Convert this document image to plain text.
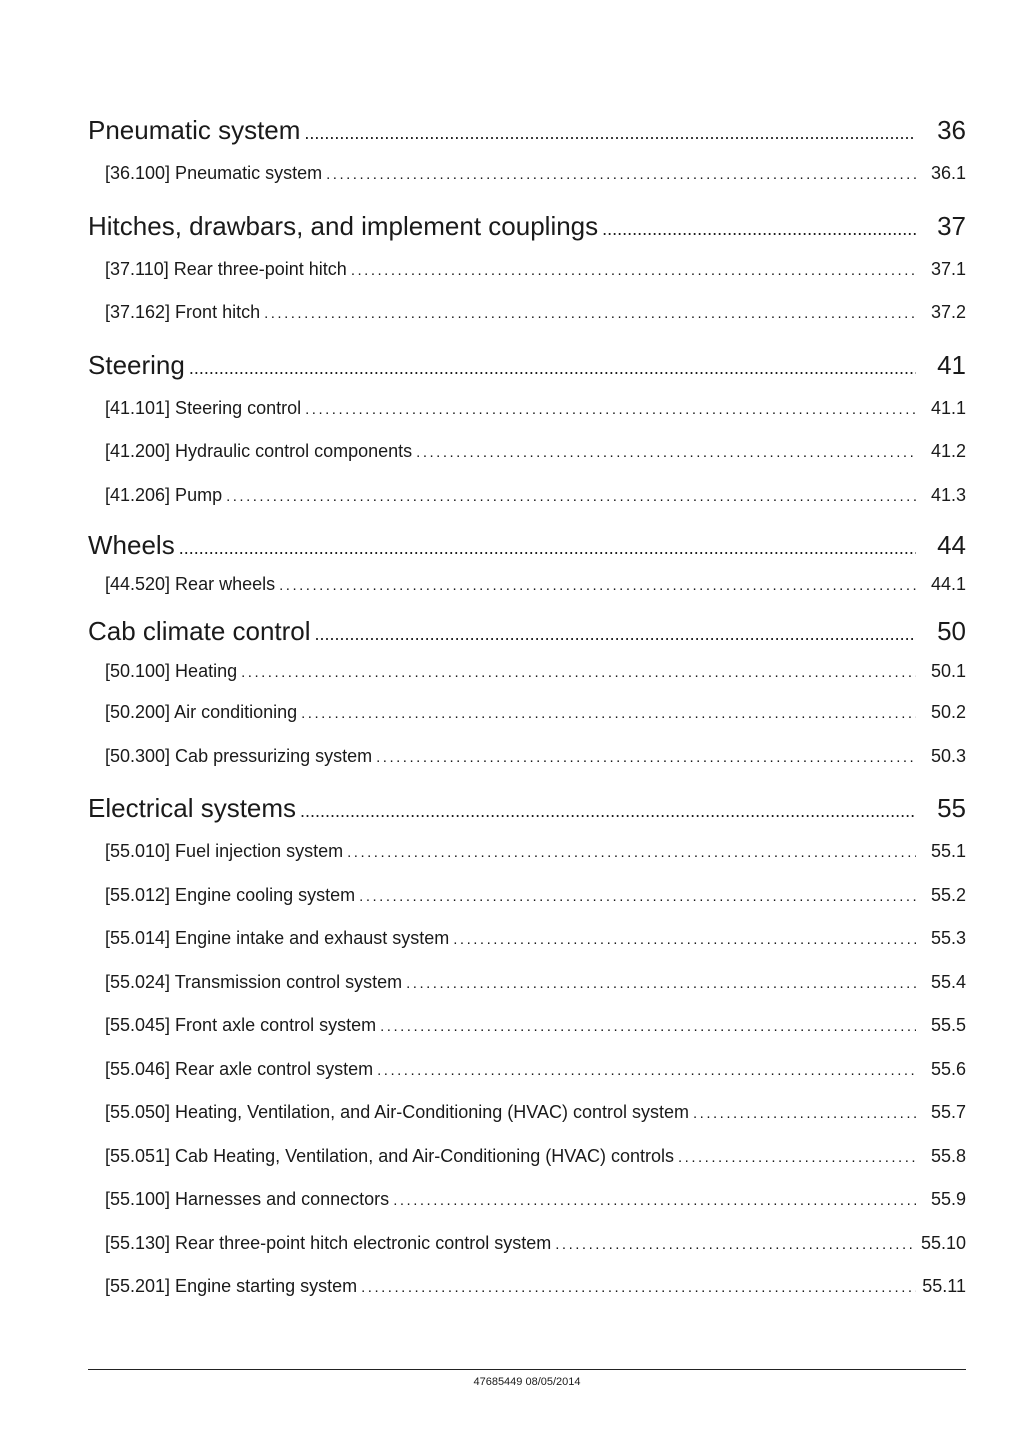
Pneumatic system .....	36
[36.100] Pneumatic system .....	36.1
Hitches, drawbars, and implement couplings .....	37
[37.110] Rear three-point hitch .....	37.1
[37.162] Front hitch .....	37.2
Steering .....	41
[41.101] Steering control .....	41.1
[41.200] Hydraulic control components .....	41.2
[41.206] Pump .....	41.3
Wheels .....	44
[44.520] Rear wheels .....	44.1
Cab climate control .....	50
[50.100] Heating .....	50.1
[50.200] Air conditioning .....	50.2
[50.300] Cab pressurizing system .....	50.3
Electrical systems .....	55
[55.010] Fuel injection system .....	55.1
[55.012] Engine cooling system .....	55.2
[55.014] Engine intake and exhaust system .....	55.3
[55.024] Transmission control system .....	55.4
[55.045] Front axle control system .....	55.5
[55.046] Rear axle control system .....	55.6
[55.050] Heating, Ventilation, and Air-Conditioning (HVAC) control system .....	55.7
[55.051] Cab Heating, Ventilation, and Air-Conditioning (HVAC) controls .....	55.8
[55.100] Harnesses and connectors .....	55.9
[55.130] Rear three-point hitch electronic control system .....	55.10
[55.201] Engine starting system .....	55.11
47685449 08/05/2014
